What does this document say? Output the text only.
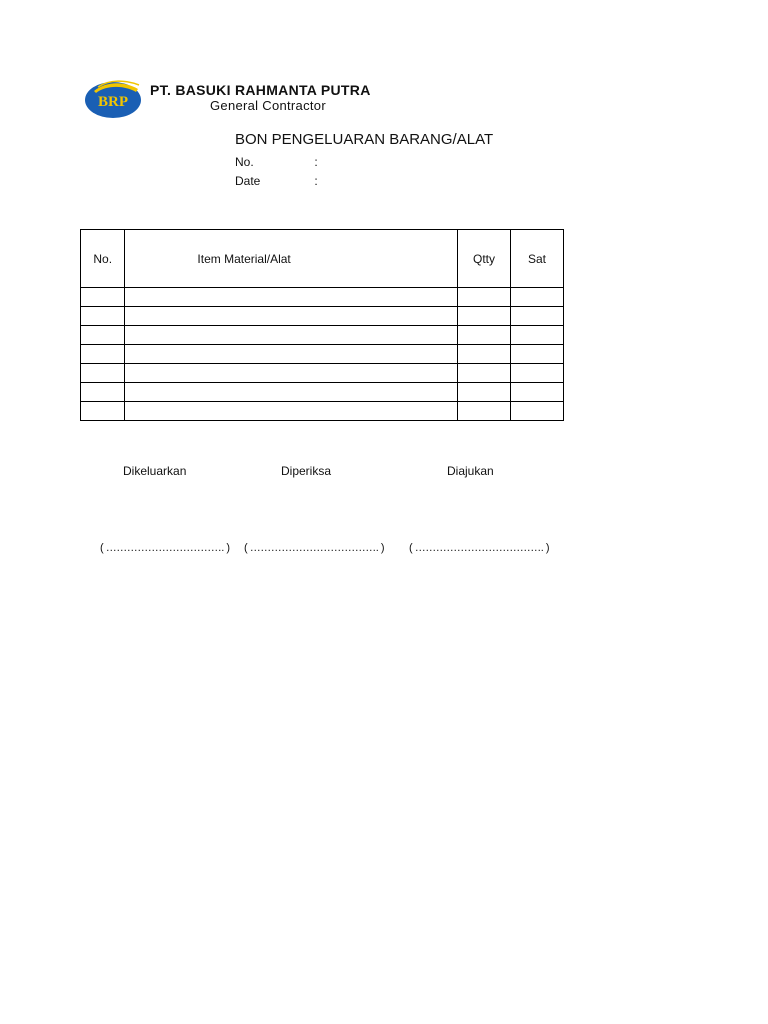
BRP
PT. BASUKI RAHMANTA PUTRA
General Contractor
BON PENGELUARAN BARANG/ALAT
No.	:
Date	:
No.	Item Material/Alat	Qtty	Sat

Dikeluarkan	Diperiksa	Diajukan
( ……………………………. ) ( ………………………………. ) ( ………………………………. )
